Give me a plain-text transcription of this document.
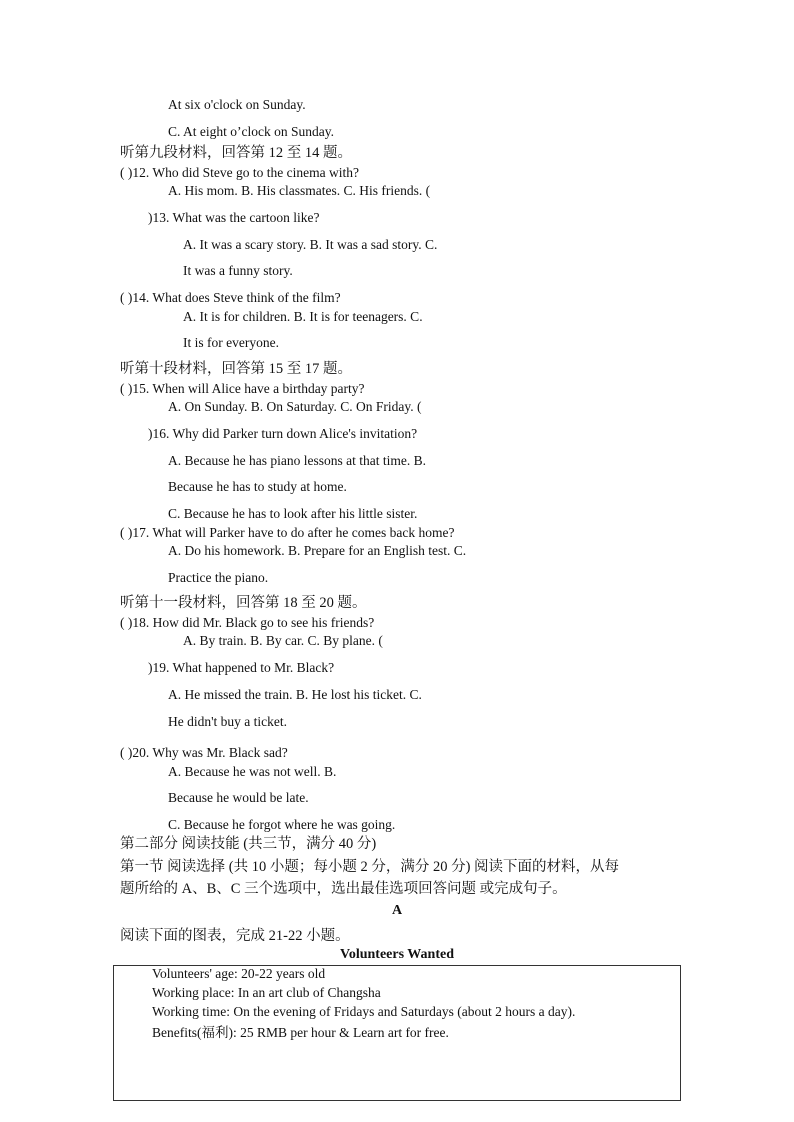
At six o'clock on Sunday.
C. At eight o’clock on Sunday.
听第九段材料，回答第 12 至 14 题。
( )12. Who did Steve go to the cinema with?
A. His mom. B. His classmates. C. His friends. (
)13. What was the cartoon like?
A. It was a scary story. B. It was a sad story. C.
It was a funny story.
( )14. What does Steve think of the film?
A. It is for children. B. It is for teenagers. C.
It is for everyone.
听第十段材料，回答第 15 至 17 题。
( )15. When will Alice have a birthday party?
A. On Sunday. B. On Saturday. C. On Friday. (
)16. Why did Parker turn down Alice's invitation?
A. Because he has piano lessons at that time. B.
Because he has to study at home.
C. Because he has to look after his little sister.
( )17. What will Parker have to do after he comes back home?
A. Do his homework. B. Prepare for an English test. C.
Practice the piano.
听第十一段材料，回答第 18 至 20 题。
( )18. How did Mr. Black go to see his friends?
A. By train. B. By car. C. By plane. (
)19. What happened to Mr. Black?
A. He missed the train. B. He lost his ticket. C.
He didn't buy a ticket.
( )20. Why was Mr. Black sad?
A. Because he was not well. B.
Because he would be late.
C. Because he forgot where he was going.
第二部分 阅读技能 (共三节，满分 40 分)
第一节 阅读选择 (共 10 小题；每小题 2 分，满分 20 分) 阅读下面的材料，从每
题所给的 A、B、C 三个选项中，选出最佳选项回答问题 或完成句子。
A
阅读下面的图表，完成 21-22 小题。
Volunteers Wanted
Volunteers' age: 20-22 years old
Working place: In an art club of Changsha
Working time: On the evening of Fridays and Saturdays (about 2 hours a day).
Benefits(福利): 25 RMB per hour & Learn art for free.
